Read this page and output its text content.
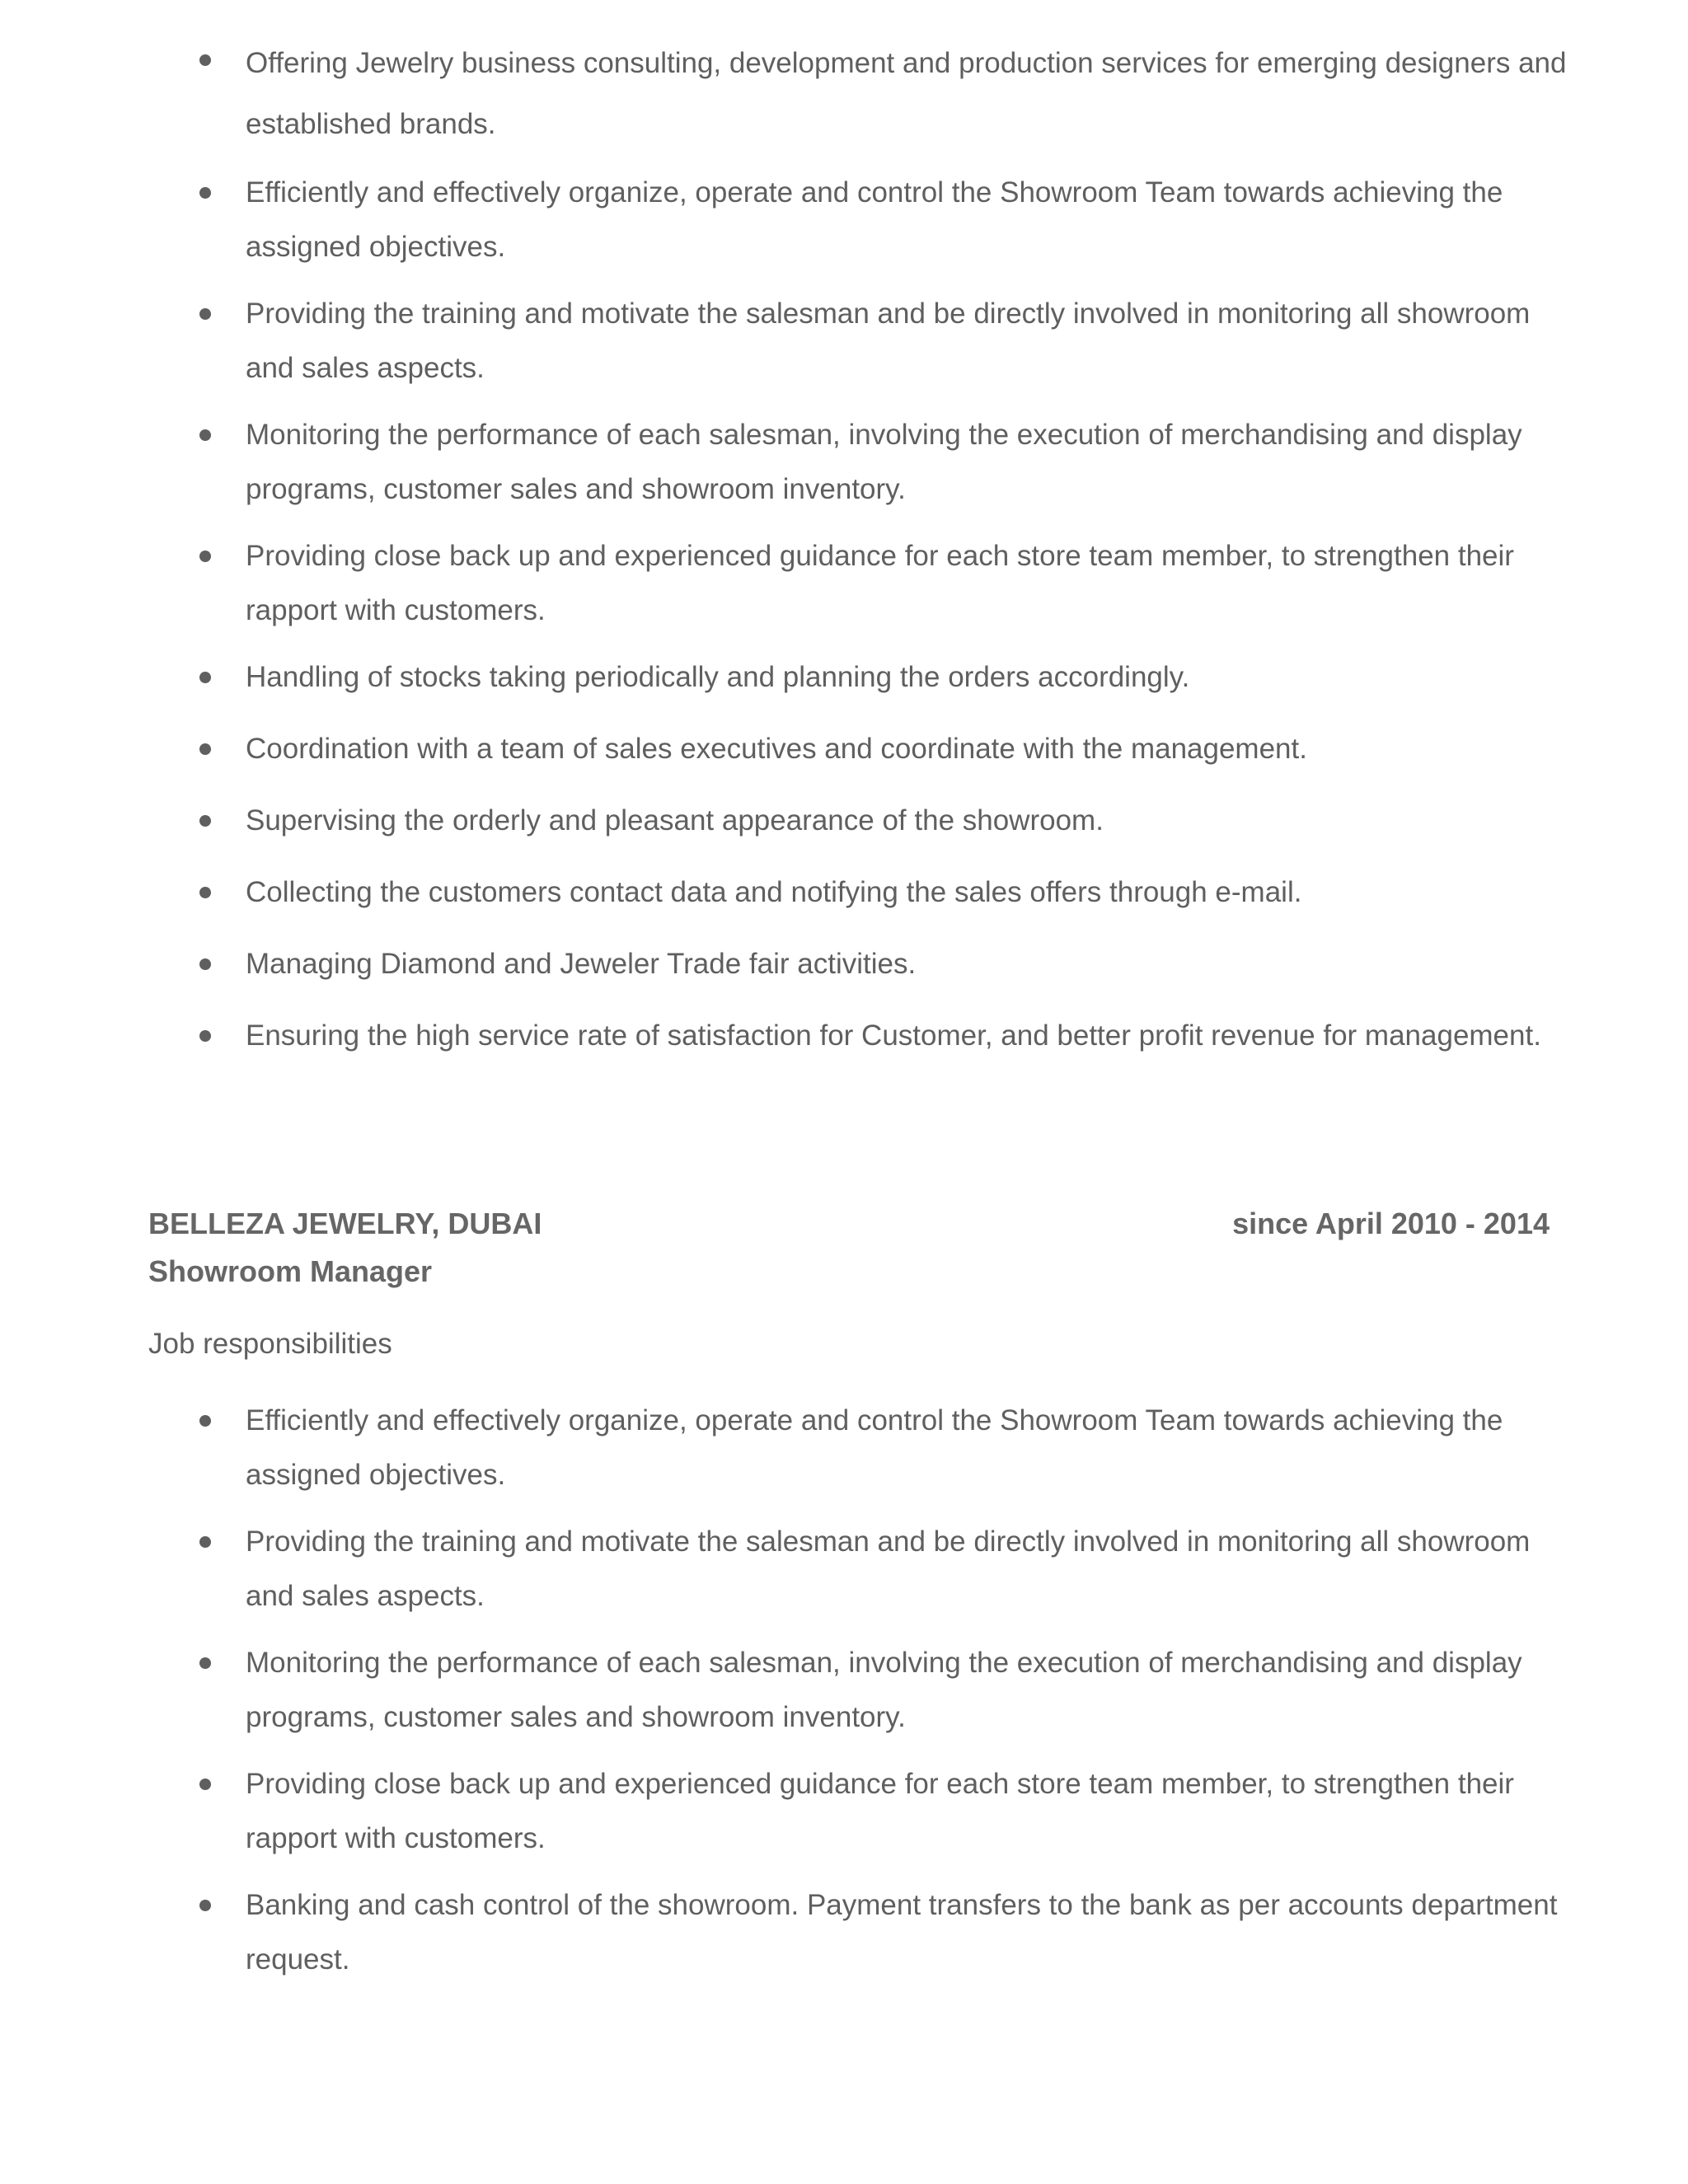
Offering Jewelry business consulting, development and production services for emerging designers and established brands.
Efficiently and effectively organize, operate and control the Showroom Team towards achieving the assigned objectives.
Providing the training and motivate the salesman and be directly involved in monitoring all showroom and sales aspects.
Monitoring the performance of each salesman, involving the execution of merchandising and display programs, customer sales and showroom inventory.
Providing close back up and experienced guidance for each store team member, to strengthen their rapport with customers.
Handling of stocks taking periodically and planning the orders accordingly.
Coordination with a team of sales executives and coordinate with the management.
Supervising the orderly and pleasant appearance of the showroom.
Collecting the customers contact data and notifying the sales offers through e-mail.
Managing Diamond and Jeweler Trade fair activities.
Ensuring the high service rate of satisfaction for Customer, and better profit revenue for management.
BELLEZA JEWELRY, DUBAI	since April 2010 - 2014
Showroom Manager
Job responsibilities
Efficiently and effectively organize, operate and control the Showroom Team towards achieving the assigned objectives.
Providing the training and motivate the salesman and be directly involved in monitoring all showroom and sales aspects.
Monitoring the performance of each salesman, involving the execution of merchandising and display programs, customer sales and showroom inventory.
Providing close back up and experienced guidance for each store team member, to strengthen their rapport with customers.
Banking and cash control of the showroom. Payment transfers to the bank as per accounts department request.
